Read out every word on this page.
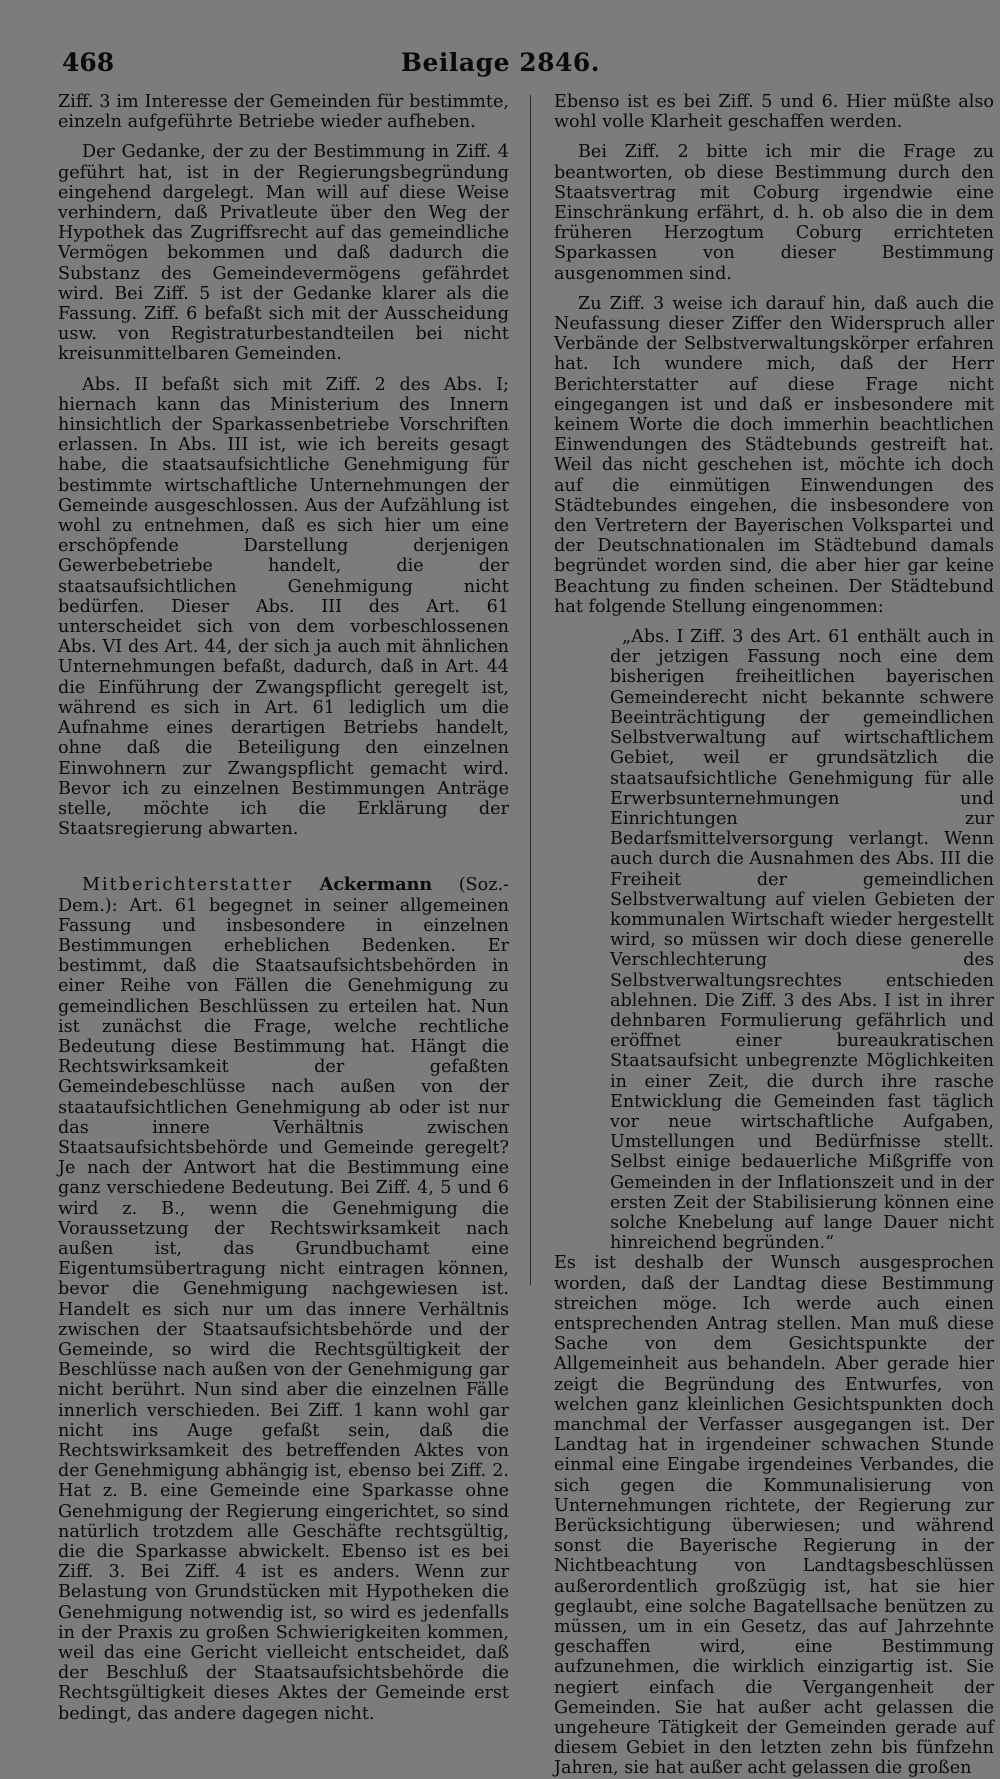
468	Beilage 2846.

Ziff. 3 im Interesse der Gemeinden für bestimmte, einzeln aufgeführte Betriebe wieder aufheben.

Der Gedanke, der zu der Bestimmung in Ziff. 4 geführt hat, ist in der Regierungsbegründung eingehend dargelegt. Man will auf diese Weise verhindern, daß Privatleute über den Weg der Hypothek das Zugriffsrecht auf das gemeindliche Vermögen bekommen und daß dadurch die Substanz des Gemeindevermögens gefährdet wird. Bei Ziff. 5 ist der Gedanke klarer als die Fassung. Ziff. 6 befaßt sich mit der Ausscheidung usw. von Registraturbestandteilen bei nicht kreisunmittelbaren Gemeinden.

Abs. II befaßt sich mit Ziff. 2 des Abs. I; hiernach kann das Ministerium des Innern hinsichtlich der Sparkassenbetriebe Vorschriften erlassen. In Abs. III ist, wie ich bereits gesagt habe, die staatsaufsichtliche Genehmigung für bestimmte wirtschaftliche Unternehmungen der Gemeinde ausgeschlossen. Aus der Aufzählung ist wohl zu entnehmen, daß es sich hier um eine erschöpfende Darstellung derjenigen Gewerbebetriebe handelt, die der staatsaufsichtlichen Genehmigung nicht bedürfen. Dieser Abs. III des Art. 61 unterscheidet sich von dem vorbeschlossenen Abs. VI des Art. 44, der sich ja auch mit ähnlichen Unternehmungen befaßt, dadurch, daß in Art. 44 die Einführung der Zwangspflicht geregelt ist, während es sich in Art. 61 lediglich um die Aufnahme eines derartigen Betriebs handelt, ohne daß die Beteiligung den einzelnen Einwohnern zur Zwangspflicht gemacht wird. Bevor ich zu einzelnen Bestimmungen Anträge stelle, möchte ich die Erklärung der Staatsregierung abwarten.

Mitberichterstatter Ackermann (Soz.-Dem.): Art. 61 begegnet in seiner allgemeinen Fassung und insbesondere in einzelnen Bestimmungen erheblichen Bedenken. Er bestimmt, daß die Staatsaufsichtsbehörden in einer Reihe von Fällen die Genehmigung zu gemeindlichen Beschlüssen zu erteilen hat. Nun ist zunächst die Frage, welche rechtliche Bedeutung diese Bestimmung hat. Hängt die Rechtswirksamkeit der gefaßten Gemeindebeschlüsse nach außen von der staataufsichtlichen Genehmigung ab oder ist nur das innere Verhältnis zwischen Staatsaufsichtsbehörde und Gemeinde geregelt? Je nach der Antwort hat die Bestimmung eine ganz verschiedene Bedeutung. Bei Ziff. 4, 5 und 6 wird z. B., wenn die Genehmigung die Voraussetzung der Rechtswirksamkeit nach außen ist, das Grundbuchamt eine Eigentumsübertragung nicht eintragen können, bevor die Genehmigung nachgewiesen ist. Handelt es sich nur um das innere Verhältnis zwischen der Staatsaufsichtsbehörde und der Gemeinde, so wird die Rechtsgültigkeit der Beschlüsse nach außen von der Genehmigung gar nicht berührt. Nun sind aber die einzelnen Fälle innerlich verschieden. Bei Ziff. 1 kann wohl gar nicht ins Auge gefaßt sein, daß die Rechtswirksamkeit des betreffenden Aktes von der Genehmigung abhängig ist, ebenso bei Ziff. 2. Hat z. B. eine Gemeinde eine Sparkasse ohne Genehmigung der Regierung eingerichtet, so sind natürlich trotzdem alle Geschäfte rechtsgültig, die die Sparkasse abwickelt. Ebenso ist es bei Ziff. 3. Bei Ziff. 4 ist es anders. Wenn zur Belastung von Grundstücken mit Hypotheken die Genehmigung notwendig ist, so wird es jedenfalls in der Praxis zu großen Schwierigkeiten kommen, weil das eine Gericht vielleicht entscheidet, daß der Beschluß der Staatsaufsichtsbehörde die Rechtsgültigkeit dieses Aktes der Gemeinde erst bedingt, das andere dagegen nicht.

Ebenso ist es bei Ziff. 5 und 6. Hier müßte also wohl volle Klarheit geschaffen werden.

Bei Ziff. 2 bitte ich mir die Frage zu beantworten, ob diese Bestimmung durch den Staatsvertrag mit Coburg irgendwie eine Einschränkung erfährt, d. h. ob also die in dem früheren Herzogtum Coburg errichteten Sparkassen von dieser Bestimmung ausgenommen sind.

Zu Ziff. 3 weise ich darauf hin, daß auch die Neufassung dieser Ziffer den Widerspruch aller Verbände der Selbstverwaltungskörper erfahren hat. Ich wundere mich, daß der Herr Berichterstatter auf diese Frage nicht eingegangen ist und daß er insbesondere mit keinem Worte die doch immerhin beachtlichen Einwendungen des Städtebunds gestreift hat. Weil das nicht geschehen ist, möchte ich doch auf die einmütigen Einwendungen des Städtebundes eingehen, die insbesondere von den Vertretern der Bayerischen Volkspartei und der Deutschnationalen im Städtebund damals begründet worden sind, die aber hier gar keine Beachtung zu finden scheinen. Der Städtebund hat folgende Stellung eingenommen:

„Abs. I Ziff. 3 des Art. 61 enthält auch in der jetzigen Fassung noch eine dem bisherigen freiheitlichen bayerischen Gemeinderecht nicht bekannte schwere Beeinträchtigung der gemeindlichen Selbstverwaltung auf wirtschaftlichem Gebiet, weil er grundsätzlich die staatsaufsichtliche Genehmigung für alle Erwerbsunternehmungen und Einrichtungen zur Bedarfsmittelversorgung verlangt. Wenn auch durch die Ausnahmen des Abs. III die Freiheit der gemeindlichen Selbstverwaltung auf vielen Gebieten der kommunalen Wirtschaft wieder hergestellt wird, so müssen wir doch diese generelle Verschlechterung des Selbstverwaltungsrechtes entschieden ablehnen. Die Ziff. 3 des Abs. I ist in ihrer dehnbaren Formulierung gefährlich und eröffnet einer bureaukratischen Staatsaufsicht unbegrenzte Möglichkeiten in einer Zeit, die durch ihre rasche Entwicklung die Gemeinden fast täglich vor neue wirtschaftliche Aufgaben, Umstellungen und Bedürfnisse stellt. Selbst einige bedauerliche Mißgriffe von Gemeinden in der Inflationszeit und in der ersten Zeit der Stabilisierung können eine solche Knebelung auf lange Dauer nicht hinreichend begründen.“

Es ist deshalb der Wunsch ausgesprochen worden, daß der Landtag diese Bestimmung streichen möge. Ich werde auch einen entsprechenden Antrag stellen. Man muß diese Sache von dem Gesichtspunkte der Allgemeinheit aus behandeln. Aber gerade hier zeigt die Begründung des Entwurfes, von welchen ganz kleinlichen Gesichtspunkten doch manchmal der Verfasser ausgegangen ist. Der Landtag hat in irgendeiner schwachen Stunde einmal eine Eingabe irgendeines Verbandes, die sich gegen die Kommunalisierung von Unternehmungen richtete, der Regierung zur Berücksichtigung überwiesen; und während sonst die Bayerische Regierung in der Nichtbeachtung von Landtagsbeschlüssen außerordentlich großzügig ist, hat sie hier geglaubt, eine solche Bagatellsache benützen zu müssen, um in ein Gesetz, das auf Jahrzehnte geschaffen wird, eine Bestimmung aufzunehmen, die wirklich einzigartig ist. Sie negiert einfach die Vergangenheit der Gemeinden. Sie hat außer acht gelassen die ungeheure Tätigkeit der Gemeinden gerade auf diesem Gebiet in den letzten zehn bis fünfzehn Jahren, sie hat außer acht gelassen die großen
